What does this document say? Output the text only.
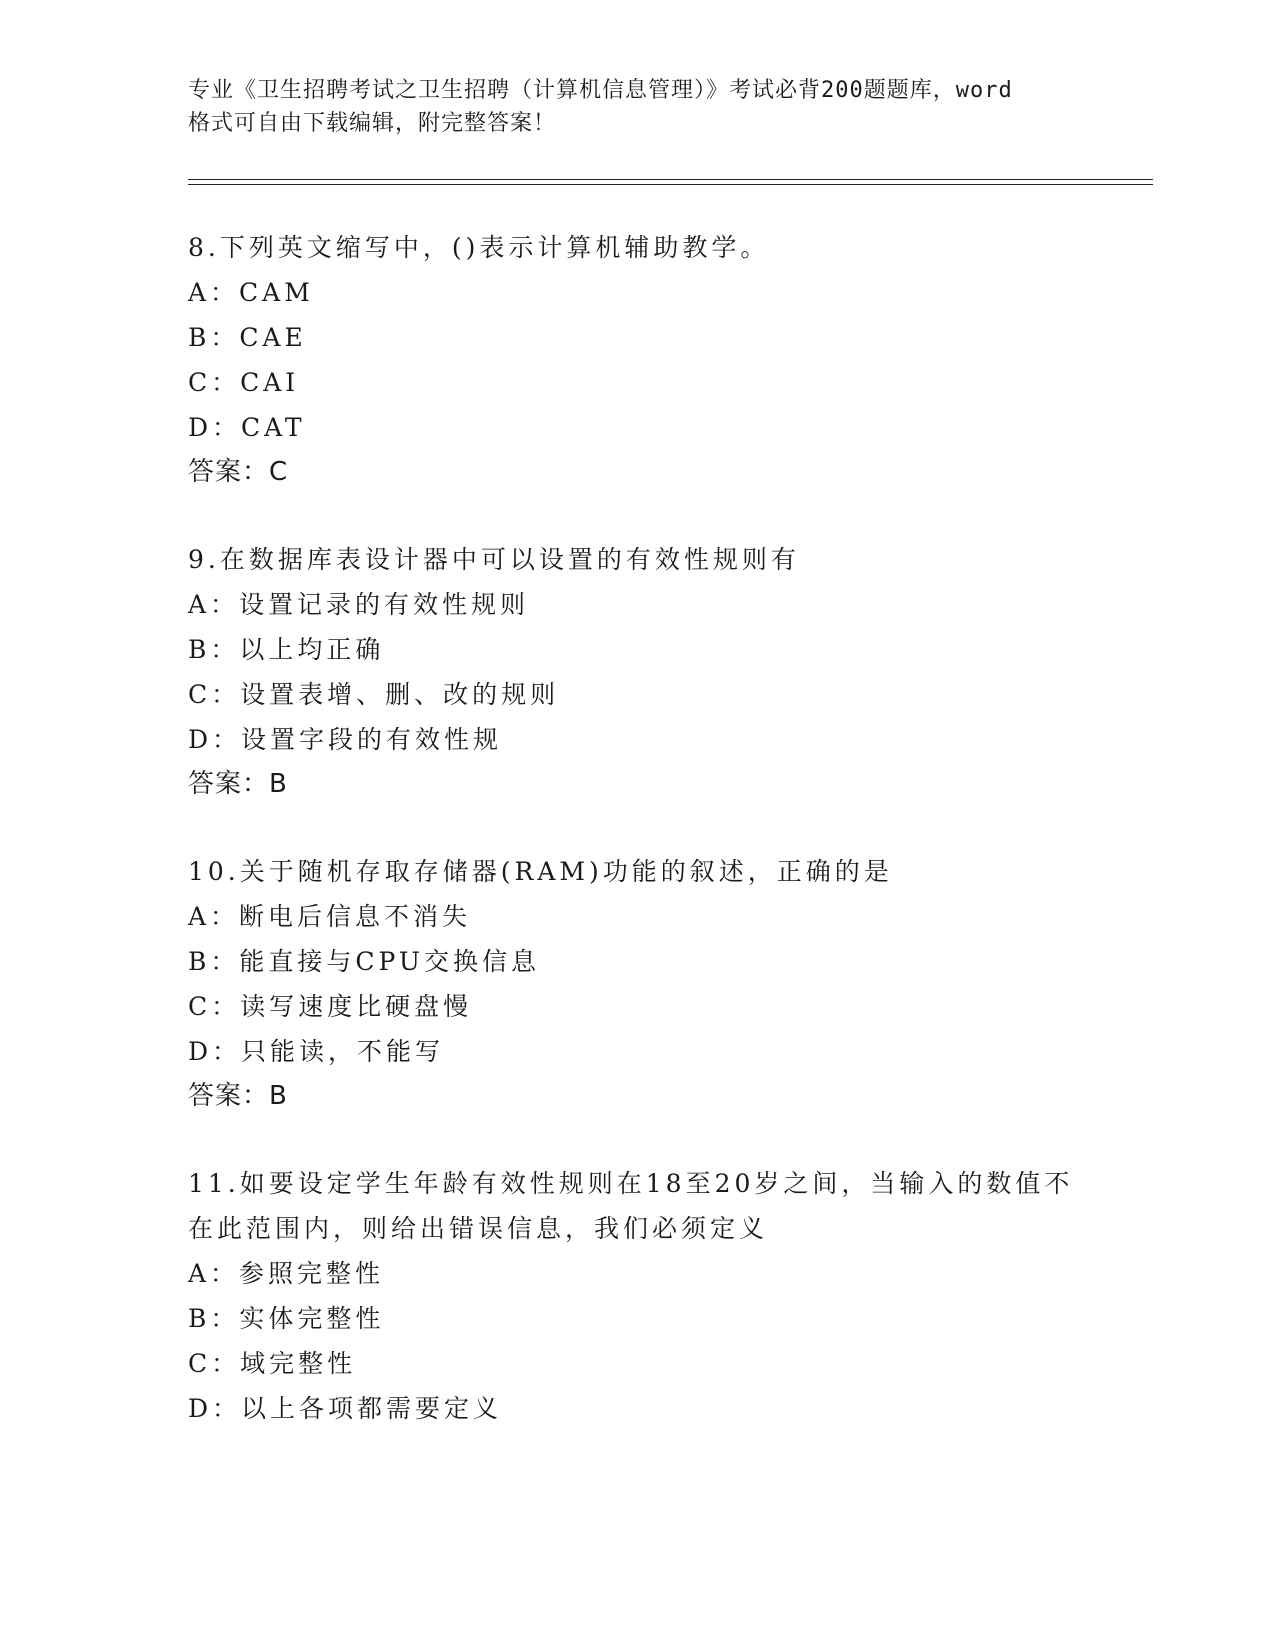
专业《卫生招聘考试之卫生招聘（计算机信息管理）》考试必背200题题库，word
格式可自由下载编辑，附完整答案！
8.下列英文缩写中，()表示计算机辅助教学。
A：CAM
B：CAE
C：CAI
D：CAT
答案：C
9.在数据库表设计器中可以设置的有效性规则有
A：设置记录的有效性规则
B：以上均正确
C：设置表增、删、改的规则
D：设置字段的有效性规
答案：B
10.关于随机存取存储器(RAM)功能的叙述，正确的是
A：断电后信息不消失
B：能直接与CPU交换信息
C：读写速度比硬盘慢
D：只能读，不能写
答案：B
11.如要设定学生年龄有效性规则在18至20岁之间，当输入的数值不
在此范围内，则给出错误信息，我们必须定义
A：参照完整性
B：实体完整性
C：域完整性
D：以上各项都需要定义
